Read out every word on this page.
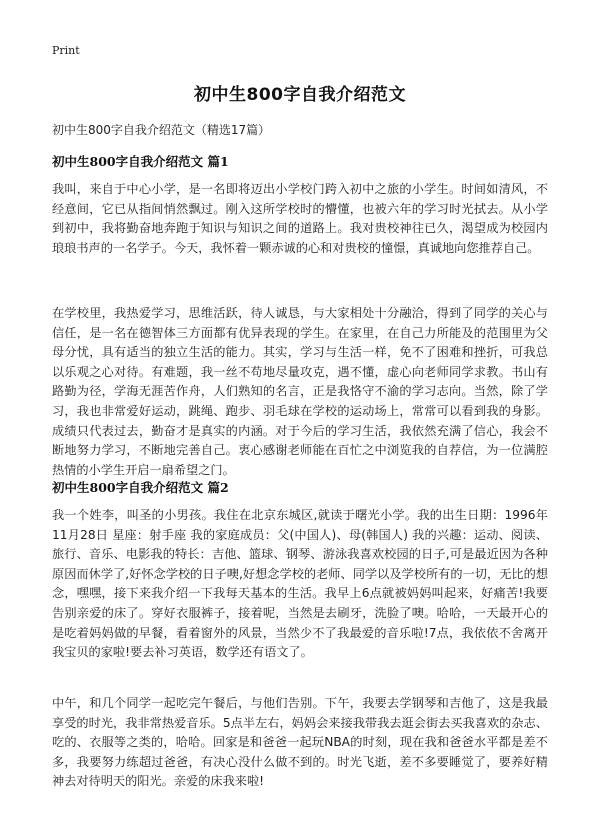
Print
初中生800字自我介绍范文
初中生800字自我介绍范文（精选17篇）
初中生800字自我介绍范文 篇1

我叫，来自于中心小学，是一名即将迈出小学校门跨入初中之旅的小学生。时间如清风，不经意间，它已从指间悄然飘过。刚入这所学校时的懵懂，也被六年的学习时光拭去。从小学到初中，我将勤奋地奔跑于知识与知识之间的道路上。我对贵校神往已久，渴望成为校园内琅琅书声的一名学子。今天，我怀着一颗赤诚的心和对贵校的憧憬，真诚地向您推荐自己。

在学校里，我热爱学习，思维活跃，待人诚恳，与大家相处十分融洽，得到了同学的关心与信任，是一名在德智体三方面都有优异表现的学生。在家里，在自己力所能及的范围里为父母分忧，具有适当的独立生活的能力。其实，学习与生活一样，免不了困难和挫折，可我总以乐观之心对待。有难题，我一丝不苟地尽量攻克，遇不懂，虚心向老师同学求教。书山有路勤为径，学海无涯苦作舟，人们熟知的名言，正是我恪守不渝的学习志向。当然，除了学习，我也非常爱好运动，跳绳、跑步、羽毛球在学校的运动场上，常常可以看到我的身影。成绩只代表过去，勤奋才是真实的内涵。对于今后的学习生活，我依然充满了信心，我会不断地努力学习，不断地完善自己。衷心感谢老师能在百忙之中浏览我的自荐信，为一位满腔热情的小学生开启一扇希望之门。

初中生800字自我介绍范文 篇2

我一个姓李，叫圣的小男孩。我住在北京东城区,就读于曙光小学。我的出生日期：1996年11月28日 星座：射手座 我的家庭成员：父(中国人)、母(韩国人) 我的兴趣：运动、阅读、旅行、音乐、电影我的特长：吉他、篮球、钢琴、游泳我喜欢校园的日子,可是最近因为各种原因而休学了,好怀念学校的日子噢,好想念学校的老师、同学以及学校所有的一切，无比的想念，嘿嘿，接下来我介绍一下我每天基本的生活。我早上6点就被妈妈叫起来，好痛苦!我要告别亲爱的床了。穿好衣服裤子，接着呢，当然是去刷牙，洗脸了噢。哈哈，一天最开心的是吃着妈妈做的早餐，看着窗外的风景，当然少不了我最爱的音乐啦!7点，我依依不舍离开我宝贝的家啦!要去补习英语，数学还有语文了。

中午，和几个同学一起吃完午餐后，与他们告别。下午，我要去学钢琴和吉他了，这是我最享受的时光，我非常热爱音乐。5点半左右，妈妈会来接我带我去逛会街去买我喜欢的杂志、吃的、衣服等之类的，哈哈。回家是和爸爸一起玩NBA的时刻，现在我和爸爸水平都是差不多，我要努力练超过爸爸，有决心没什么做不到的。时光飞逝，差不多要睡觉了，要养好精神去对待明天的阳光。亲爱的床我来啦!
